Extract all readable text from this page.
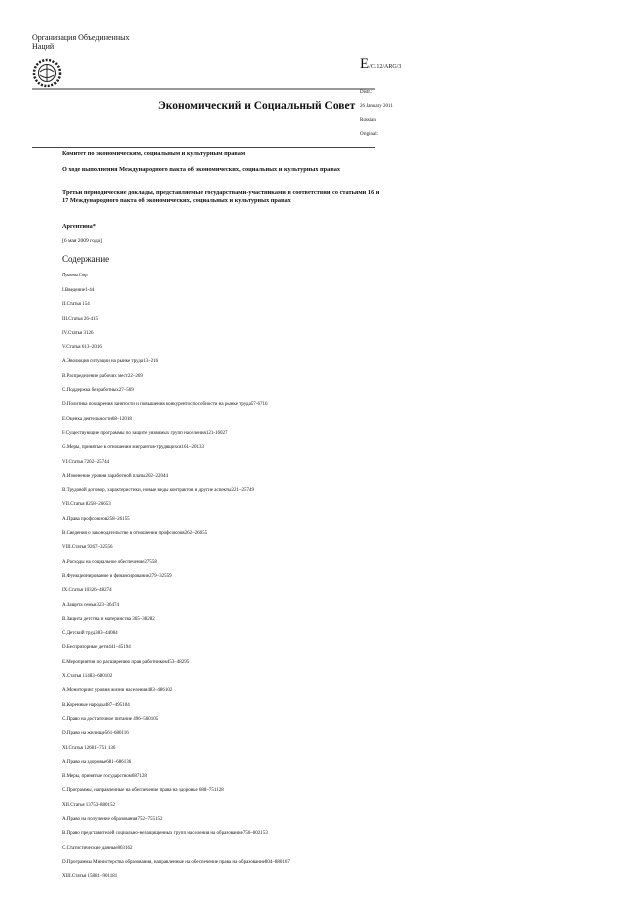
Организация Объединенных Наций
E/C.12/ARG/3
Экономический и Социальный Совет
Distr.:
26 January 2011
Russian
Original:
Комитет по экономическим, социальным и культурным правам
О ходе выполнения Международного пакта об экономических, социальных и культурных правах
Третьи периодические доклады, представляемые государствами-участниками в соответствии со статьями 16 и 17 Международного пакта об экономических, социальных и культурных правах
Аргентина*
[6 мая 2009 года]
Содержание
Пункты Стр.
I.Введение1-44
II.Статья 154
III.Статья 26-415
IV.Статья 3126
V.Статья 613–2016
A.Эволюция ситуации на рынке труда13–216
B.Распределение рабочих мест22–269
C.Поддержка безработных27–569
D.Политика поощрения занятости и повышения конкурентоспособности на рынке труда57-6716
E.Оценка деятельности68–12018
F.Существующие программы по защите уязвимых групп населения121-16027
G.Меры, принятые в отношении мигрантов-трудящихся161–20133
VI.Статья 7202–25744
A.Изменение уровня заработной платы202–22044
B.Трудовой договор, характеристики, новые виды контрактов и другие аспекты221–25749
VII.Статья 8258–26653
A.Права профсоюзов258–26155
B.Сведения о законодательстве в отношении профсоюзов262–26655
VIII.Статья 9267–32556
A.Расходы на социальное обеспечение27558
B.Функционирование и финансирование279–32559
IX.Статья 10326–48274
A.Защита семьи323–36474
B.Защита детства и материнства 365–38282
C.Детский труд383–44084
D.Беспризорные дети441–45194
E.Мероприятия по расширению прав работников453–48295
X.Статья 11483–680102
A.Мониторинг уровня жизни населения483–486102
B.Коренные народы487–495104
C.Право на достаточное питание 496–560105
D.Право на жилище561-680116
XI.Статья 12681–751 136
A.Право на здоровье681–686136
B.Меры, принятые государством687128
C.Программы, направленные на обеспечение права на здоровье 688–751128
XII.Статья 13753-880152
A.Право на получение образования752–755152
B.Право представителей социально-незащищенных групп населения на образование756–802153
C.Статистические данные803162
D.Программы Министерства образования, направленные на обеспечение права на образование804–880167
XIII.Статья 15881–901181
